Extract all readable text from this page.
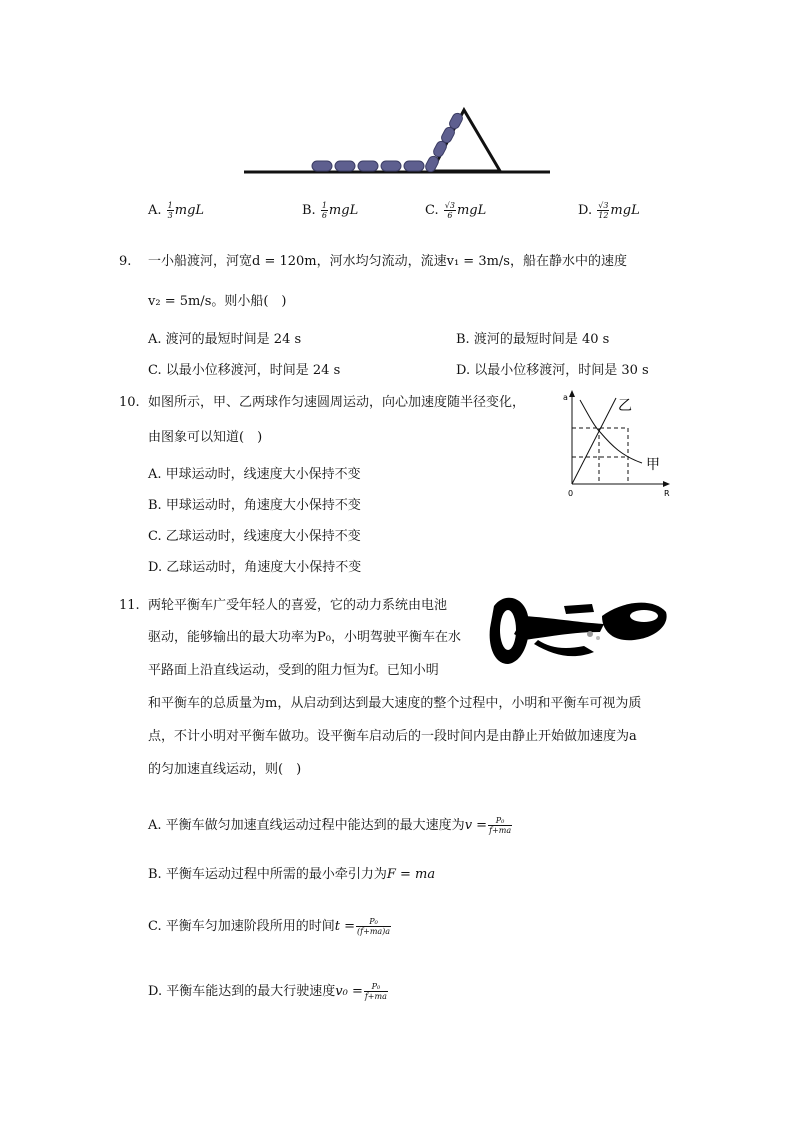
A. $\frac{1}{3}$ mgL	B. $\frac{1}{6}$ mgL	C. $\frac{√3}{6}$ mgL	D. $\frac{√3}{12}$ mgL
9. 一小船渡河，河宽d = 120m，河水均匀流动，流速v₁ = 3m/s，船在静水中的速度
v₂ = 5m/s。则小船(　)
A. 渡河的最短时间是 24 s	B. 渡河的最短时间是 40 s
C. 以最小位移渡河，时间是 24 s	D. 以最小位移渡河，时间是 30 s
10. 如图所示，甲、乙两球作匀速圆周运动，向心加速度随半径变化，
由图象可以知道(　)
A. 甲球运动时，线速度大小保持不变
B. 甲球运动时，角速度大小保持不变
C. 乙球运动时，线速度大小保持不变
D. 乙球运动时，角速度大小保持不变
a
R
0
乙
甲
11. 两轮平衡车广受年轻人的喜爱，它的动力系统由电池
驱动，能够输出的最大功率为P₀，小明驾驶平衡车在水
平路面上沿直线运动，受到的阻力恒为f。已知小明
和平衡车的总质量为m，从启动到达到最大速度的整个过程中，小明和平衡车可视为质
点，不计小明对平衡车做功。设平衡车启动后的一段时间内是由静止开始做加速度为a
的匀加速直线运动，则(　)
A. 平衡车做匀加速直线运动过程中能达到的最大速度为$v = \frac{\text{P₀}}{f+ma}$
B. 平衡车运动过程中所需的最小牵引力为F = ma
C. 平衡车匀加速阶段所用的时间$t = \frac{\text{P₀}}{(f+ma)a}$
D. 平衡车能达到的最大行驶速度$v_0 = \frac{\text{P₀}}{f+ma}$
